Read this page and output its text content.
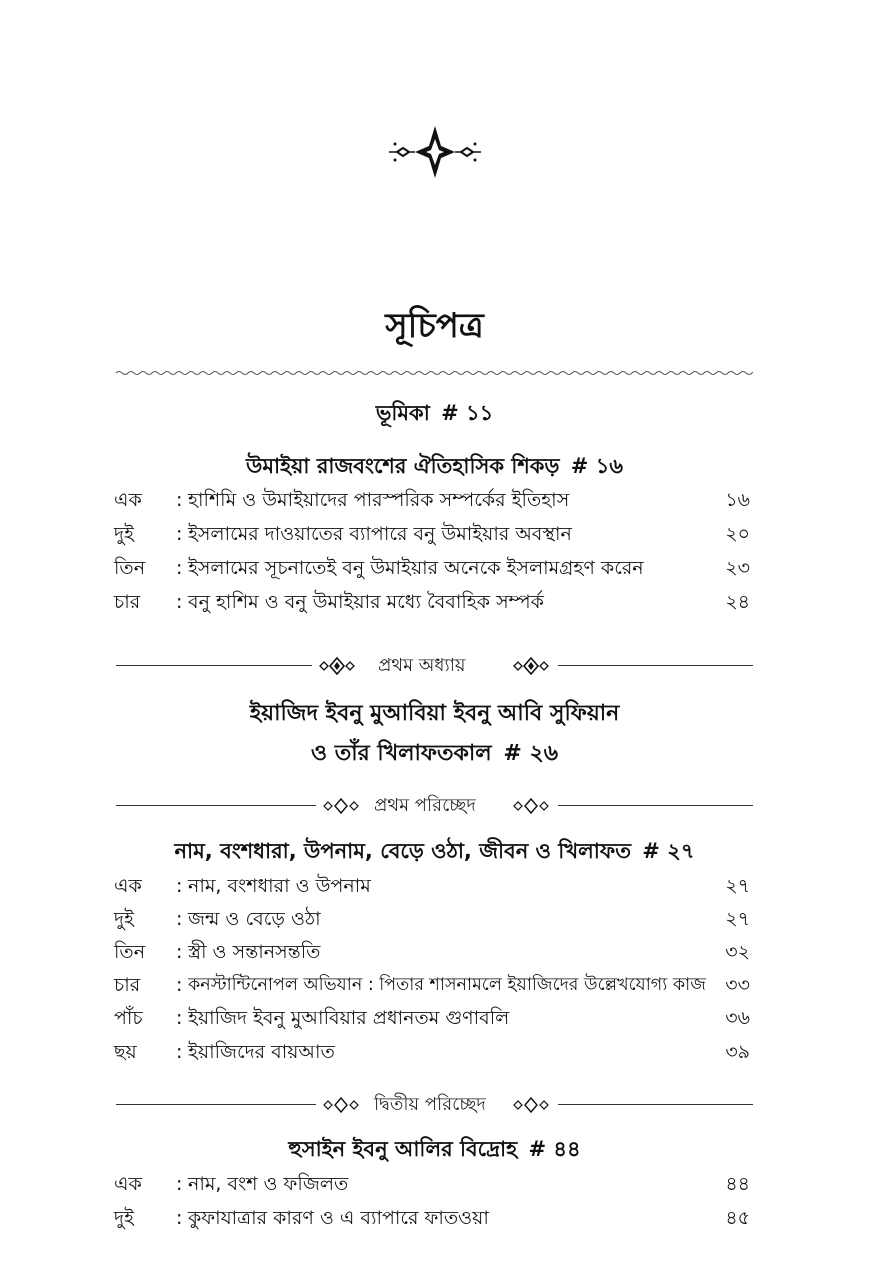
সূচিপত্র
ভূমিকা # ১১
উমাইয়া রাজবংশের ঐতিহাসিক শিকড় # ১৬
এক : হাশিমি ও উমাইয়াদের পারস্পরিক সম্পর্কের ইতিহাস	১৬
দুই : ইসলামের দাওয়াতের ব্যাপারে বনু উমাইয়ার অবস্থান	২০
তিন : ইসলামের সূচনাতেই বনু উমাইয়ার অনেকে ইসলামগ্রহণ করেন	২৩
চার : বনু হাশিম ও বনু উমাইয়ার মধ্যে বৈবাহিক সম্পর্ক	২৪
প্রথম অধ্যায়
ইয়াজিদ ইবনু মুআবিয়া ইবনু আবি সুফিয়ান
ও তাঁর খিলাফতকাল # ২৬
প্রথম পরিচ্ছেদ
নাম, বংশধারা, উপনাম, বেড়ে ওঠা, জীবন ও খিলাফত # ২৭
এক : নাম, বংশধারা ও উপনাম	২৭
দুই : জন্ম ও বেড়ে ওঠা	২৭
তিন : স্ত্রী ও সন্তানসন্ততি	৩২
চার : কনস্টান্টিনোপল অভিযান : পিতার শাসনামলে ইয়াজিদের উল্লেখযোগ্য কাজ ৩৩
পাঁচ : ইয়াজিদ ইবনু মুআবিয়ার প্রধানতম গুণাবলি	৩৬
ছয় : ইয়াজিদের বায়আত	৩৯
দ্বিতীয় পরিচ্ছেদ
হুসাইন ইবনু আলির বিদ্রোহ # ৪৪
এক : নাম, বংশ ও ফজিলত	৪৪
দুই : কুফাযাত্রার কারণ ও এ ব্যাপারে ফাতওয়া	৪৫
